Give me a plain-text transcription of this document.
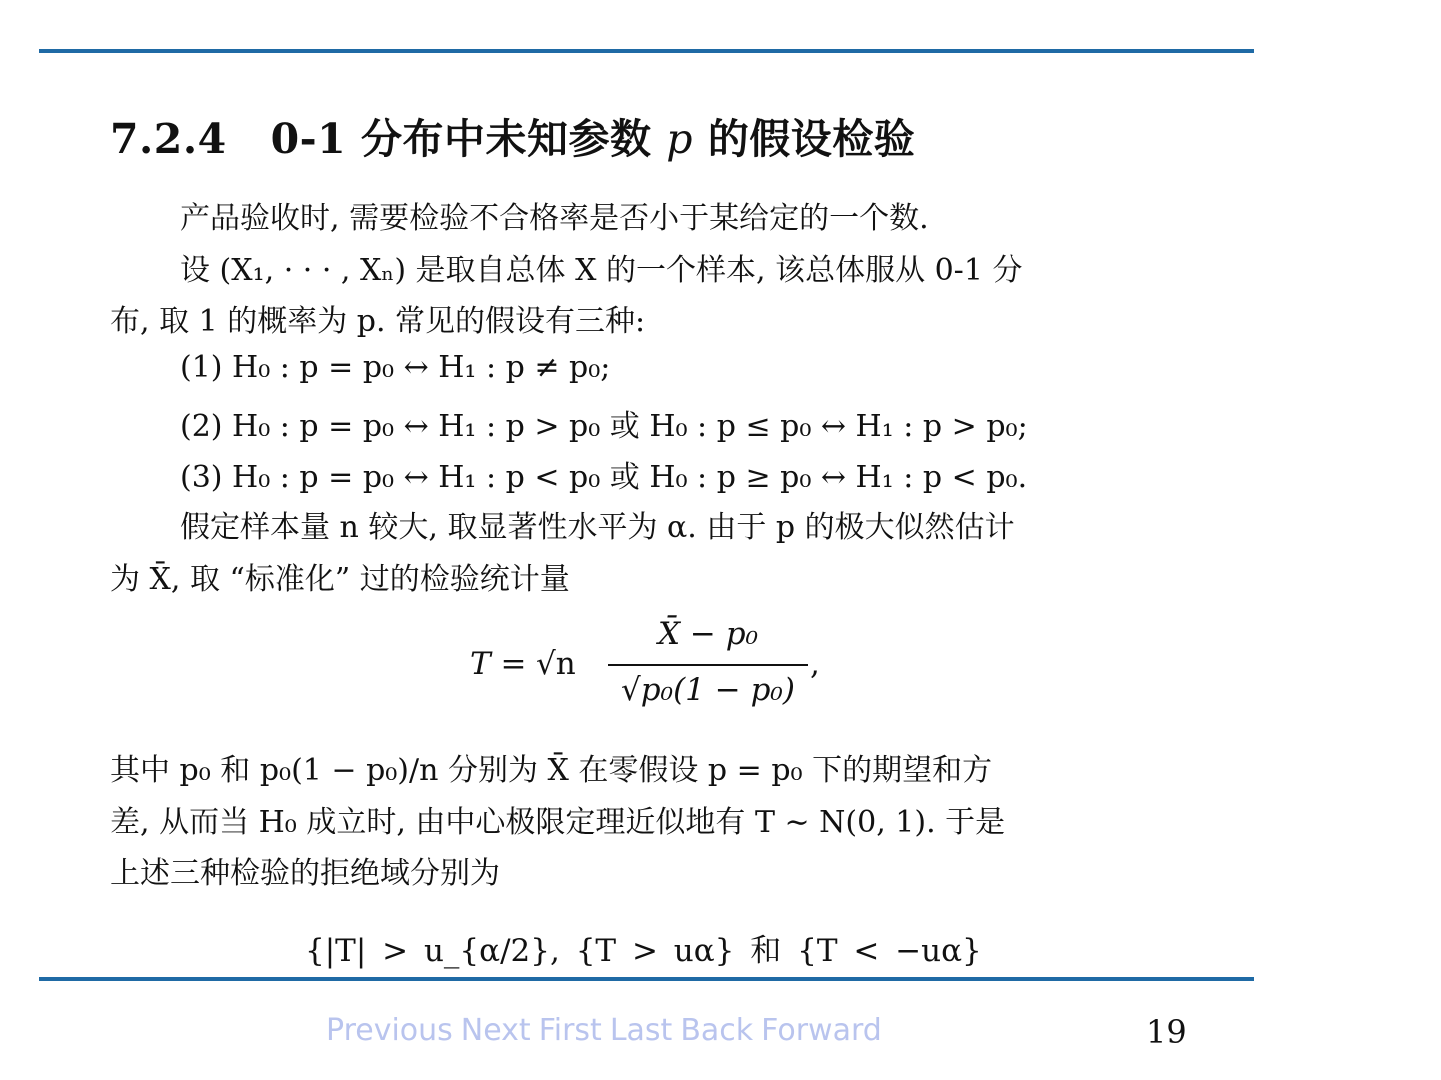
7.2.4 0-1 分布中未知参数 p 的假设检验
产品验收时, 需要检验不合格率是否小于某给定的一个数.
设 (X₁, · · · , Xₙ) 是取自总体 X 的一个样本, 该总体服从 0-1 分
布, 取 1 的概率为 p. 常见的假设有三种:
(1) H₀ : p = p₀ ↔ H₁ : p ≠ p₀;
(2) H₀ : p = p₀ ↔ H₁ : p > p₀ 或 H₀ : p ≤ p₀ ↔ H₁ : p > p₀;
(3) H₀ : p = p₀ ↔ H₁ : p < p₀ 或 H₀ : p ≥ p₀ ↔ H₁ : p < p₀.
假定样本量 n 较大, 取显著性水平为 α. 由于 p 的极大似然估计
为 X̄, 取 “标准化” 过的检验统计量
T = √n
X̄ − p₀
√p₀(1 − p₀)
,
其中 p₀ 和 p₀(1 − p₀)/n 分别为 X̄ 在零假设 p = p₀ 下的期望和方
差, 从而当 H₀ 成立时, 由中心极限定理近似地有 T ∼ N(0, 1). 于是
上述三种检验的拒绝域分别为
{|T| > u_{α/2}, {T > uα} 和 {T < −uα}
Previous Next First Last Back Forward	19
